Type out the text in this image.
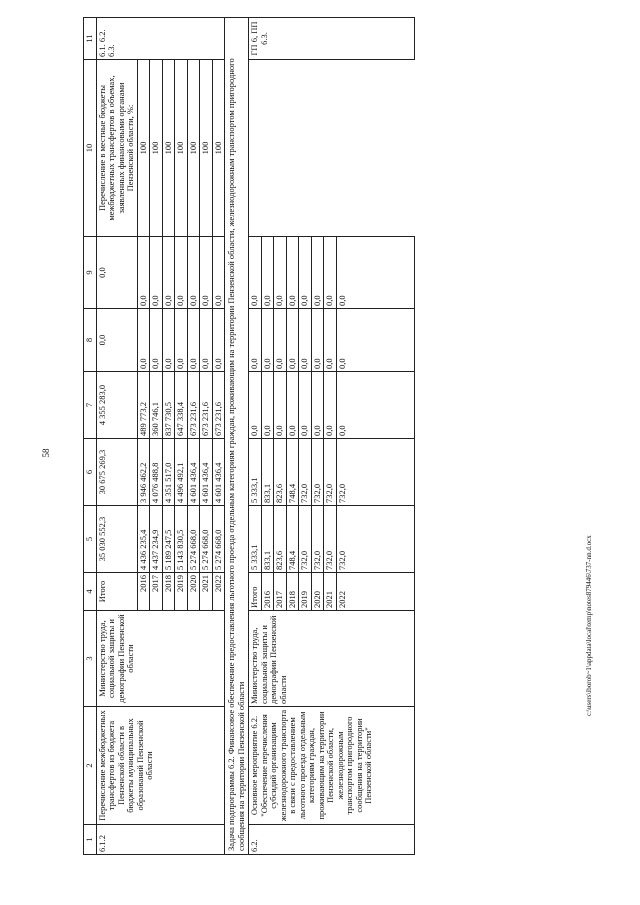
58
c:\users\iborob~1\appdata\local\temp\notes879446\737-nn.d.ocx
1	2	3	4	5	6	7	8	9	10	11
6.1.2	Перечисление межбюджетных трансфертов из бюджета Пензенской области в бюджеты муниципальных образований Пензенской области	Министерство труда, социальной защиты и демографии Пензенской области	Итого	35 030 552,3	30 675 269,3	4 355 283,0	0,0	0,0	Перечисление в местные бюджеты межбюджетных трансфертов в объемах, заявленных финансовыми органами Пензенской области, %:	6.1. 6.2. 6.3.
			2016	4 436 235,4	3 946 462,2	489 773,2	0,0	0,0	100	
			2017	4 437 234,9	4 076 488,8	360 746,1	0,0	0,0	100	
			2018	5 189 247,5	4 351 517,0	837 730,5	0,0	0,0	100	
			2019	5 143 830,5	4 496 492,1	647 338,4	0,0	0,0	100	
			2020	5 274 668,0	4 601 436,4	673 231,6	0,0	0,0	100	
			2021	5 274 668,0	4 601 436,4	673 231,6	0,0	0,0	100	
			2022	5 274 668,0	4 601 436,4	673 231,6	0,0	0,0	100	
Задача подпрограммы 6.2. Финансовое обеспечение предоставления льготного проезда отдельным категориям граждан, проживающим на территории Пензенской области, железнодорожным транспортом пригородного сообщения на территории Пензенской области										
6.2.	Основное мероприятие 6.2. "Обеспечение перечисления субсидий организациям железнодорожного транспорта в связи с предоставлением льготного проезда отдельным категориям граждан, проживающим на территории Пензенской области, железнодорожным транспортом пригородного сообщения на территории Пензенской области"	Министерство труда, социальной защиты и демографии Пензенской области	Итого	5 333,1	5 333,1	0,0	0,0	0,0		ГП 6, ПП 6.3.
			2016	833,1	833,1	0,0	0,0	0,0		
			2017	823,6	823,6	0,0	0,0	0,0		
			2018	748,4	748,4	0,0	0,0	0,0		
			2019	732,0	732,0	0,0	0,0	0,0		
			2020	732,0	732,0	0,0	0,0	0,0		
			2021	732,0	732,0	0,0	0,0	0,0		
			2022	732,0	732,0	0,0	0,0	0,0		
